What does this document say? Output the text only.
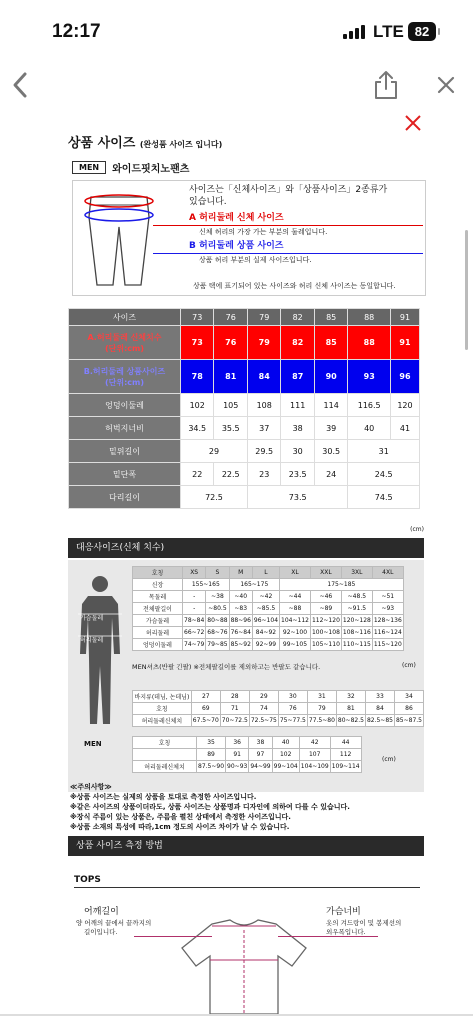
12:17	LTE 82
상품 사이즈 (완성품 사이즈 입니다)
MEN	와이드핏치노팬츠
사이즈는「신체사이즈」와「상품사이즈」2종류가
있습니다.
A 허리둘레 신체 사이즈
신체 허리의 가장 가는 부분의 둘레입니다.
B 허리둘레 상품 사이즈
상품 허리 부분의 실제 사이즈입니다.
상품 택에 표기되어 있는 사이즈와 허리 신체 사이즈는 동일합니다.
사이즈	73	76	79	82	85	88	91
A.허리둘레 신체치수
(단위:cm)	73	76	79	82	85	88	91
B.허리둘레 상품사이즈
(단위:cm)	78	81	84	87	90	93	96
엉덩이둘레	102	105	108	111	114	116.5	120
허벅지너비	34.5	35.5	37	38	39	40	41
밑위길이	29		29.5	30	30.5	31	
밑단폭	22	22.5	23	23.5	24	24.5	
다리길이	72.5		73.5			74.5	
(cm)
대응사이즈(신체 치수)
가슴둘레
허리둘레
MEN
호칭	XS	S	M	L	XL	XXL	3XL	4XL
신장	155~165		165~175		175~185			
목둘레	-	~38	~40	~42	~44	~46	~48.5	~51
전체팔길이	-	~80.5	~83	~85.5	~88	~89	~91.5	~93
가슴둘레	78~84	80~88	88~96	96~104	104~112	112~120	120~128	128~136
허리둘레	66~72	68~76	76~84	84~92	92~100	100~108	108~116	116~124
엉덩이둘레	74~79	79~85	85~92	92~99	99~105	105~110	110~115	115~120
MEN셔츠(반팔 긴팔) ※전체팔길이를 제외하고는 반팔도 같습니다.	(cm)
바지류(데님, 논데님)	27	28	29	30	31	32	33	34
호칭	69	71	74	76	79	81	84	86
허리둘레신체치	67.5~70	70~72.5	72.5~75	75~77.5	77.5~80	80~82.5	82.5~85	85~87.5
호칭	35	36	38	40	42	44
	89	91	97	102	107	112
허리둘레신체치	87.5~90	90~93	94~99	99~104	104~109	109~114
(cm)
≪주의사항≫
※상품 사이즈는 실제의 상품을 토대로 측정한 사이즈입니다.
※같은 사이즈의 상품이더라도, 상품 사이즈는 상품명과 디자인에 의하여 다를 수 있습니다.
※장식 주름이 있는 상품은, 주름을 펼친 상태에서 측정한 사이즈입니다.
※상품 소재의 특성에 따라,1cm 정도의 사이즈 차이가 날 수 있습니다.
상품 사이즈 측정 방법
TOPS
어깨길이
양 어깨의 끝에서 끝까지의
길이입니다.
가슴너비
옷의 겨드랑이 및 봉제선의
외우폭입니다.
